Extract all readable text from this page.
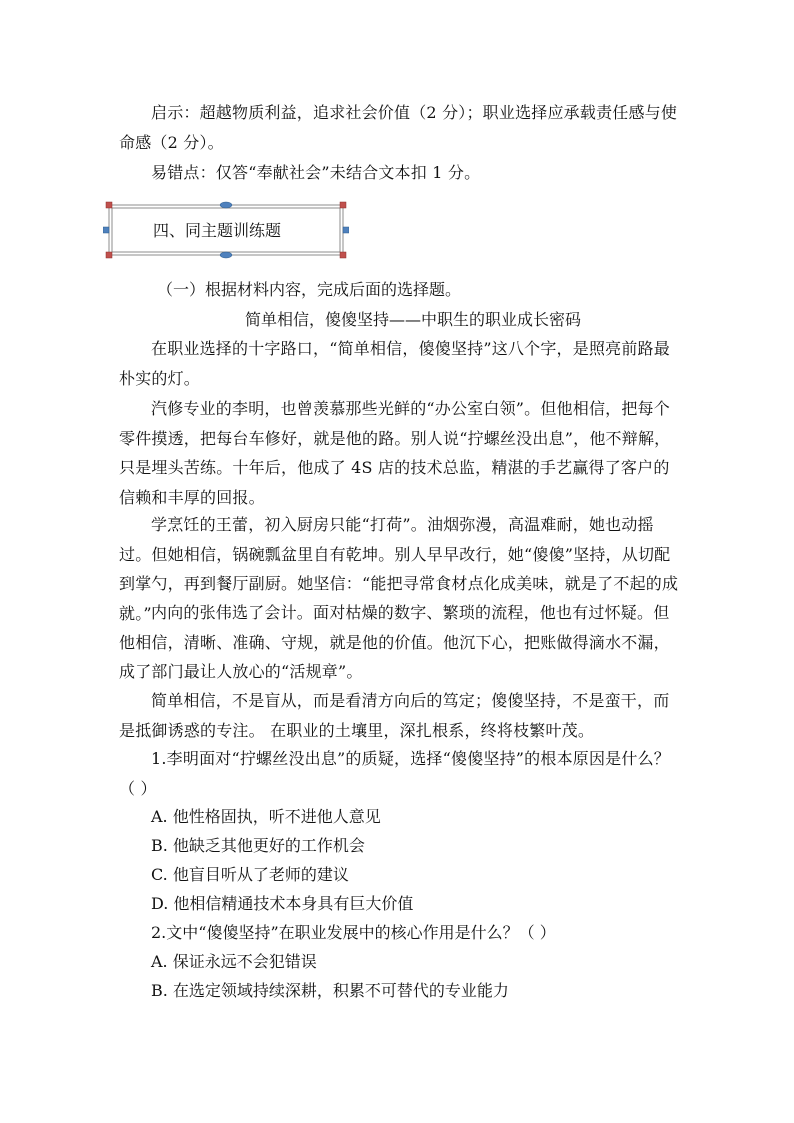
启示：超越物质利益，追求社会价值（2 分）；职业选择应承载责任感与使命感（2 分）。

易错点：仅答“奉献社会”未结合文本扣 1 分。

四、同主题训练题

（一）根据材料内容，完成后面的选择题。

简单相信，傻傻坚持——中职生的职业成长密码

在职业选择的十字路口，“简单相信，傻傻坚持”这八个字，是照亮前路最朴实的灯。

汽修专业的李明，也曾羡慕那些光鲜的“办公室白领”。但他相信，把每个零件摸透，把每台车修好，就是他的路。别人说“拧螺丝没出息”，他不辩解，只是埋头苦练。十年后，他成了 4S 店的技术总监，精湛的手艺赢得了客户的信赖和丰厚的回报。

学烹饪的王蕾，初入厨房只能“打荷”。油烟弥漫，高温难耐，她也动摇过。但她相信，锅碗瓢盆里自有乾坤。别人早早改行，她“傻傻”坚持，从切配到掌勺，再到餐厅副厨。她坚信：“能把寻常食材点化成美味，就是了不起的成就。” 内向的张伟选了会计。面对枯燥的数字、繁琐的流程，他也有过怀疑。但他相信，清晰、准确、守规，就是他的价值。他沉下心，把账做得滴水不漏，成了部门最让人放心的“活规章”。

简单相信，不是盲从，而是看清方向后的笃定；傻傻坚持，不是蛮干，而是抵御诱惑的专注。 在职业的土壤里，深扎根系，终将枝繁叶茂。

1.李明面对“拧螺丝没出息”的质疑，选择“傻傻坚持”的根本原因是什么？（ ）

A. 他性格固执，听不进他人意见

B. 他缺乏其他更好的工作机会

C. 他盲目听从了老师的建议

D. 他相信精通技术本身具有巨大价值

2.文中“傻傻坚持”在职业发展中的核心作用是什么？（ ）

A. 保证永远不会犯错误

B. 在选定领域持续深耕，积累不可替代的专业能力
